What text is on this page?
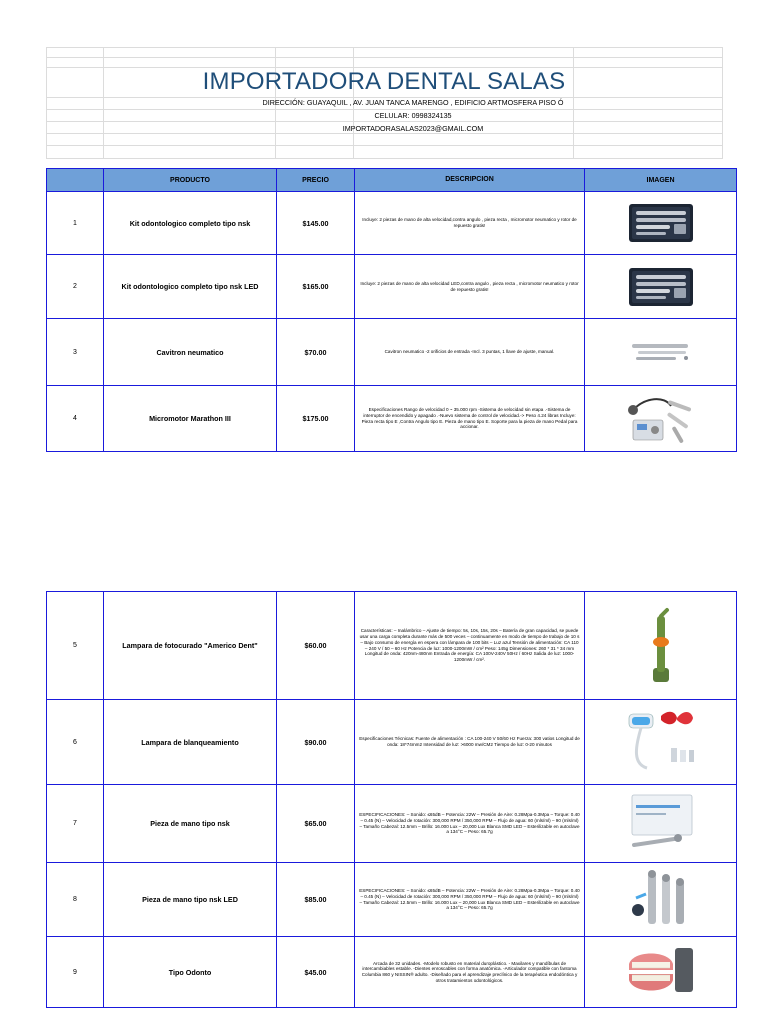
IMPORTADORA DENTAL SALAS
DIRECCIÓN: GUAYAQUIL , AV. JUAN TANCA MARENGO , EDIFICIO ARTMOSFERA PISO Ó
CELULAR: 0998324135
IMPORTADORASALAS2023@GMAIL.COM
	PRODUCTO	PRECIO	DESCRIPCION	IMAGEN
1	Kit odontologico completo tipo nsk	$145.00	Incluye: 2 piezas de mano de alta velocidad,contra angulo , pieza recta , micromotor neumatico y rotor de repuesto gratis!	
2	Kit odontologico completo tipo nsk LED	$165.00	Incluye: 2 piezas de mano de alta velocidad LED,contra angulo , pieza recta , micromotor neumatico y rotor de repuesto gratis!	
3	Cavitron neumatico	$70.00	Cavitron neumatico -2 orificios de entrada -Incl. 3 puntas, 1 llave de ajuste, manual.	
4	Micromotor Marathon III	$175.00	Especificaciones Rango de velocidad 0 ~ 35.000 rpm -Sistema de velocidad sin etapa .-Sistema de interruptor de encendido y apagado .-Nuevo sistema de control de velocidad.-> Peso 4.24 libras Incluye: Pieza recta tipo E ,Contra Angulo tipo E. Pieza de mano tipo E. Soporte para la pieza de mano Pedal para accionar.	
5	Lampara de fotocurado "Americo Dent"	$60.00	Características: – Inalámbrico – Ajuste de tiempo: 5s, 10s, 15s, 20s – Batería de gran capacidad, se puede usar una carga completa durante más de 500 veces – continuamente en modo de tiempo de trabajo de 10 s – Bajo consumo de energía en espera con lámpara de 100 bits – Luz azul Tensión de alimentación: CA 110 – 240 V / 50 – 60 Hz Potencia de luz: 1000-1200mW / cm² Peso: 145g Dimensiones: 260 * 31 * 34 mm Longitud de onda: 420nm-480nm Entrada de energía: CA 100V-240V 50Hz / 60Hz Salida de luz: 1000-1200mW / cm².	
6	Lampara de blanqueamiento	$90.00	Especificaciones Técnicas: Fuente de alimentación : CA 100-240 V 50/60 Hz Fuerza: 300 vatios Longitud de onda: 18*74mm2 Intensidad de luz: >6000 mw/CM2 Tiempo de luz: 0-20 minutos	
7	Pieza de mano tipo nsk	$65.00	ESPECIFICACIONES: – Sonido: ≤65dB – Potencia: 22W – Presión de Aire: 0.28Mpa-0.3Mpa – Torque: 0.40 – 0.45 (N) – Velocidad de rotación: 300,000 RPM / 350,000 RPM – Flujo de agua: 60 (mls/ml) – 90 (mls/ml) – Tamaño Cabezal: 12.5mm – Brillo: 16.000 Lux – 20,000 Lux Blanca SMD LED – Esterilizable en autoclave a 134°C – Peso: 65.7g	
8	Pieza de mano tipo nsk LED	$85.00	ESPECIFICACIONES: – Sonido: ≤65dB – Potencia: 22W – Presión de Aire: 0.28Mpa-0.3Mpa – Torque: 0.40 – 0.45 (N) – Velocidad de rotación: 300,000 RPM / 350,000 RPM – Flujo de agua: 60 (mls/ml) – 90 (mls/ml) – Tamaño Cabezal: 12.5mm – Brillo: 16.000 Lux – 20,000 Lux Blanca SMD LED – Esterilizable en autoclave a 134°C – Peso: 65.7g	
9	Tipo Odonto	$45.00	Arcada de 32 unidades. -Modelo robusto en material duroplástico. - Maxilares y mandíbulas de intercambiables estable. -Dientes enroscables con forma anatómica. -Articulador compatible con fantoma Columbia 860 y NISSIN® adulto. -Diseñado para el aprendizaje preclínico de la terapéutica endodóntica y otros tratamientos odontológicos.	
